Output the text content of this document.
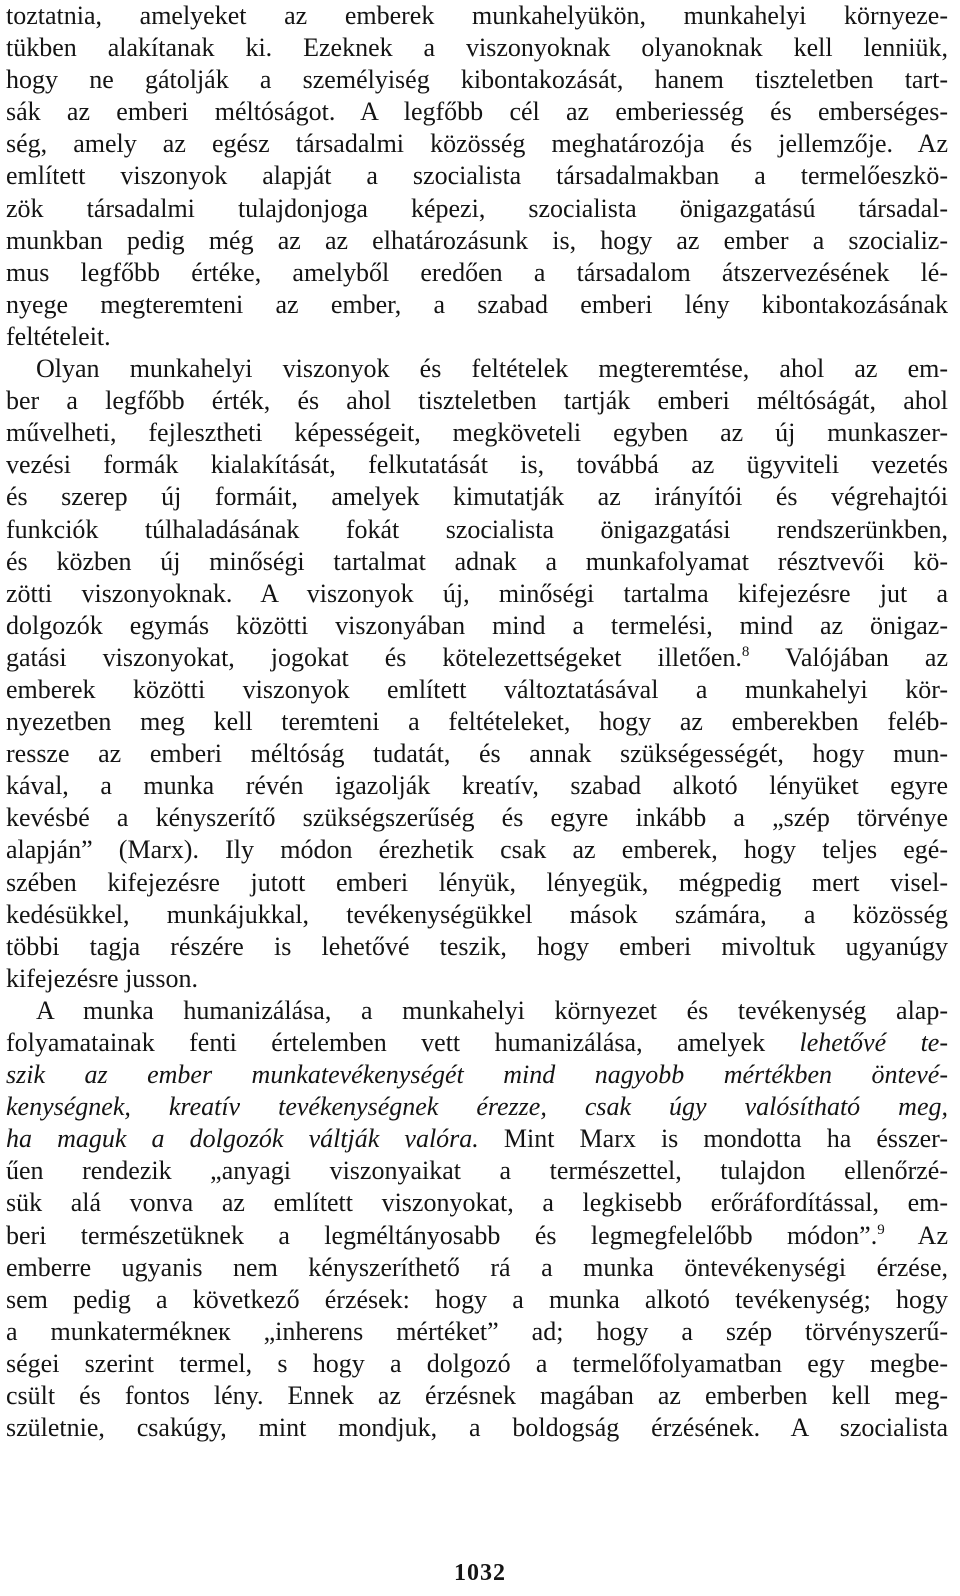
toztatnia, amelyeket az emberek munkahelyükön, munkahelyi környeze-
tükben alakítanak ki. Ezeknek a viszonyoknak olyanoknak kell lenniük,
hogy ne gátolják a személyiség kibontakozását, hanem tiszteletben tart-
sák az emberi méltóságot. A legfőbb cél az emberiesség és emberséges-
ség, amely az egész társadalmi közösség meghatározója és jellemzője. Az
említett viszonyok alapját a szocialista társadalmakban a termelőeszkö-
zök társadalmi tulajdonjoga képezi, szocialista önigazgatású társadal-
munkban pedig még az az elhatározásunk is, hogy az ember a szocializ-
mus legfőbb értéke, amelyből eredően a társadalom átszervezésének lé-
nyege megteremteni az ember, a szabad emberi lény kibontakozásának
feltételeit.
Olyan munkahelyi viszonyok és feltételek megteremtése, ahol az em-
ber a legfőbb érték, és ahol tiszteletben tartják emberi méltóságát, ahol
művelheti, fejlesztheti képességeit, megköveteli egyben az új munkaszer-
vezési formák kialakítását, felkutatását is, továbbá az ügyviteli vezetés
és szerep új formáit, amelyek kimutatják az irányítói és végrehajtói
funkciók túlhaladásának fokát szocialista önigazgatási rendszerünkben,
és közben új minőségi tartalmat adnak a munkafolyamat résztvevői kö-
zötti viszonyoknak. A viszonyok új, minőségi tartalma kifejezésre jut a
dolgozók egymás közötti viszonyában mind a termelési, mind az önigaz-
gatási viszonyokat, jogokat és kötelezettségeket illetően.$^8$ Valójában az
emberek közötti viszonyok említett változtatásával a munkahelyi kör-
nyezetben meg kell teremteni a feltételeket, hogy az emberekben feléb-
ressze az emberi méltóság tudatát, és annak szükségességét, hogy mun-
kával, a munka révén igazolják kreatív, szabad alkotó lényüket egyre
kevésbé a kényszerítő szükségszerűség és egyre inkább a „szép törvénye
alapján” (Marx). Ily módon érezhetik csak az emberek, hogy teljes egé-
szében kifejezésre jutott emberi lényük, lényegük, mégpedig mert visel-
kedésükkel, munkájukkal, tevékenységükkel mások számára, a közösség
többi tagja részére is lehetővé teszik, hogy emberi mivoltuk ugyanúgy
kifejezésre jusson.
A munka humanizálása, a munkahelyi környezet és tevékenység alap-
folyamatainak fenti értelemben vett humanizálása, amelyek lehetővé te-
szik az ember munkatevékenységét mind nagyobb mértékben öntevé-
kenységnek, kreatív tevékenységnek érezze, csak úgy valósítható meg,
ha maguk a dolgozók váltják valóra. Mint Marx is mondotta ha ésszer-
űen rendezik „anyagi viszonyaikat a természettel, tulajdon ellenőrzé-
sük alá vonva az említett viszonyokat, a legkisebb erőráfordítással, em-
beri természetüknek a legméltányosabb és legmegfelelőbb módon”.$^9$ Az
emberre ugyanis nem kényszeríthető rá a munka öntevékenységi érzése,
sem pedig a következő érzések: hogy a munka alkotó tevékenység; hogy
a munkatermékneк „inherens mértéket” ad; hogy a szép törvényszerű-
ségei szerint termel, s hogy a dolgozó a termelőfolyamatban egy megbe-
csült és fontos lény. Ennek az érzésnek magában az emberben kell meg-
születnie, csakúgy, mint mondjuk, a boldogság érzésének. A szocialista
1032
